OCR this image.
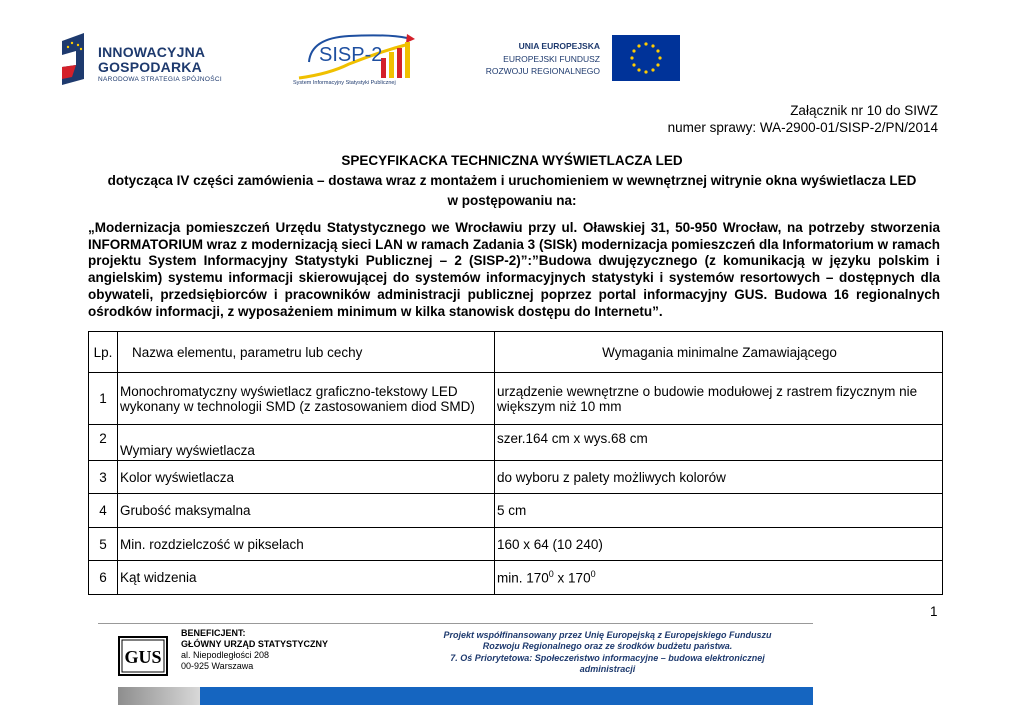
INNOWACYJNA
GOSPODARKA
NARODOWA STRATEGIA SPÓJNOŚCI
SISP-2
System Informacyjny Statystyki Publicznej
UNIA EUROPEJSKA
EUROPEJSKI FUNDUSZ
ROZWOJU REGIONALNEGO
Załącznik nr 10 do SIWZ
numer sprawy: WA-2900-01/SISP-2/PN/2014
SPECYFIKACKA TECHNICZNA WYŚWIETLACZA LED
dotycząca IV części zamówienia – dostawa wraz z montażem i uruchomieniem w wewnętrznej witrynie okna wyświetlacza LED
w postępowaniu na:
„Modernizacja pomieszczeń Urzędu Statystycznego we Wrocławiu przy ul. Oławskiej 31, 50-950 Wrocław, na potrzeby stworzenia INFORMATORIUM wraz z modernizacją sieci LAN w ramach Zadania 3 (SISk) modernizacja pomieszczeń dla Informatorium w ramach projektu System Informacyjny Statystyki Publicznej – 2 (SISP-2)”:”Budowa dwujęzycznego (z komunikacją w języku polskim i angielskim) systemu informacji skierowującej do systemów informacyjnych statystyki i systemów resortowych – dostępnych dla obywateli, przedsiębiorców i pracowników administracji publicznej poprzez portal informacyjny GUS. Budowa 16 regionalnych ośrodków informacji, z wyposażeniem minimum w kilka stanowisk dostępu do Internetu”.
Lp.	Nazwa elementu, parametru lub cechy	Wymagania minimalne Zamawiającego
1	Monochromatyczny wyświetlacz graficzno-tekstowy LED wykonany w technologii SMD (z zastosowaniem diod SMD)	urządzenie wewnętrzne o budowie modułowej z rastrem fizycznym nie większym niż 10 mm
2	Wymiary wyświetlacza	szer.164 cm x wys.68 cm
3	Kolor wyświetlacza	do wyboru z palety możliwych kolorów
4	Grubość maksymalna	5 cm
5	Min. rozdzielczość w pikselach	160 x 64 (10 240)
6	Kąt widzenia	min. $170^0$ x $170^0$
1
GUS
BENEFICJENT:
GŁÓWNY URZĄD STATYSTYCZNY
al. Niepodległości 208
00-925 Warszawa
Projekt współfinansowany przez Unię Europejską z Europejskiego Funduszu
Rozwoju Regionalnego oraz ze środków budżetu państwa.
7. Oś Priorytetowa: Społeczeństwo informacyjne – budowa elektronicznej
administracji
